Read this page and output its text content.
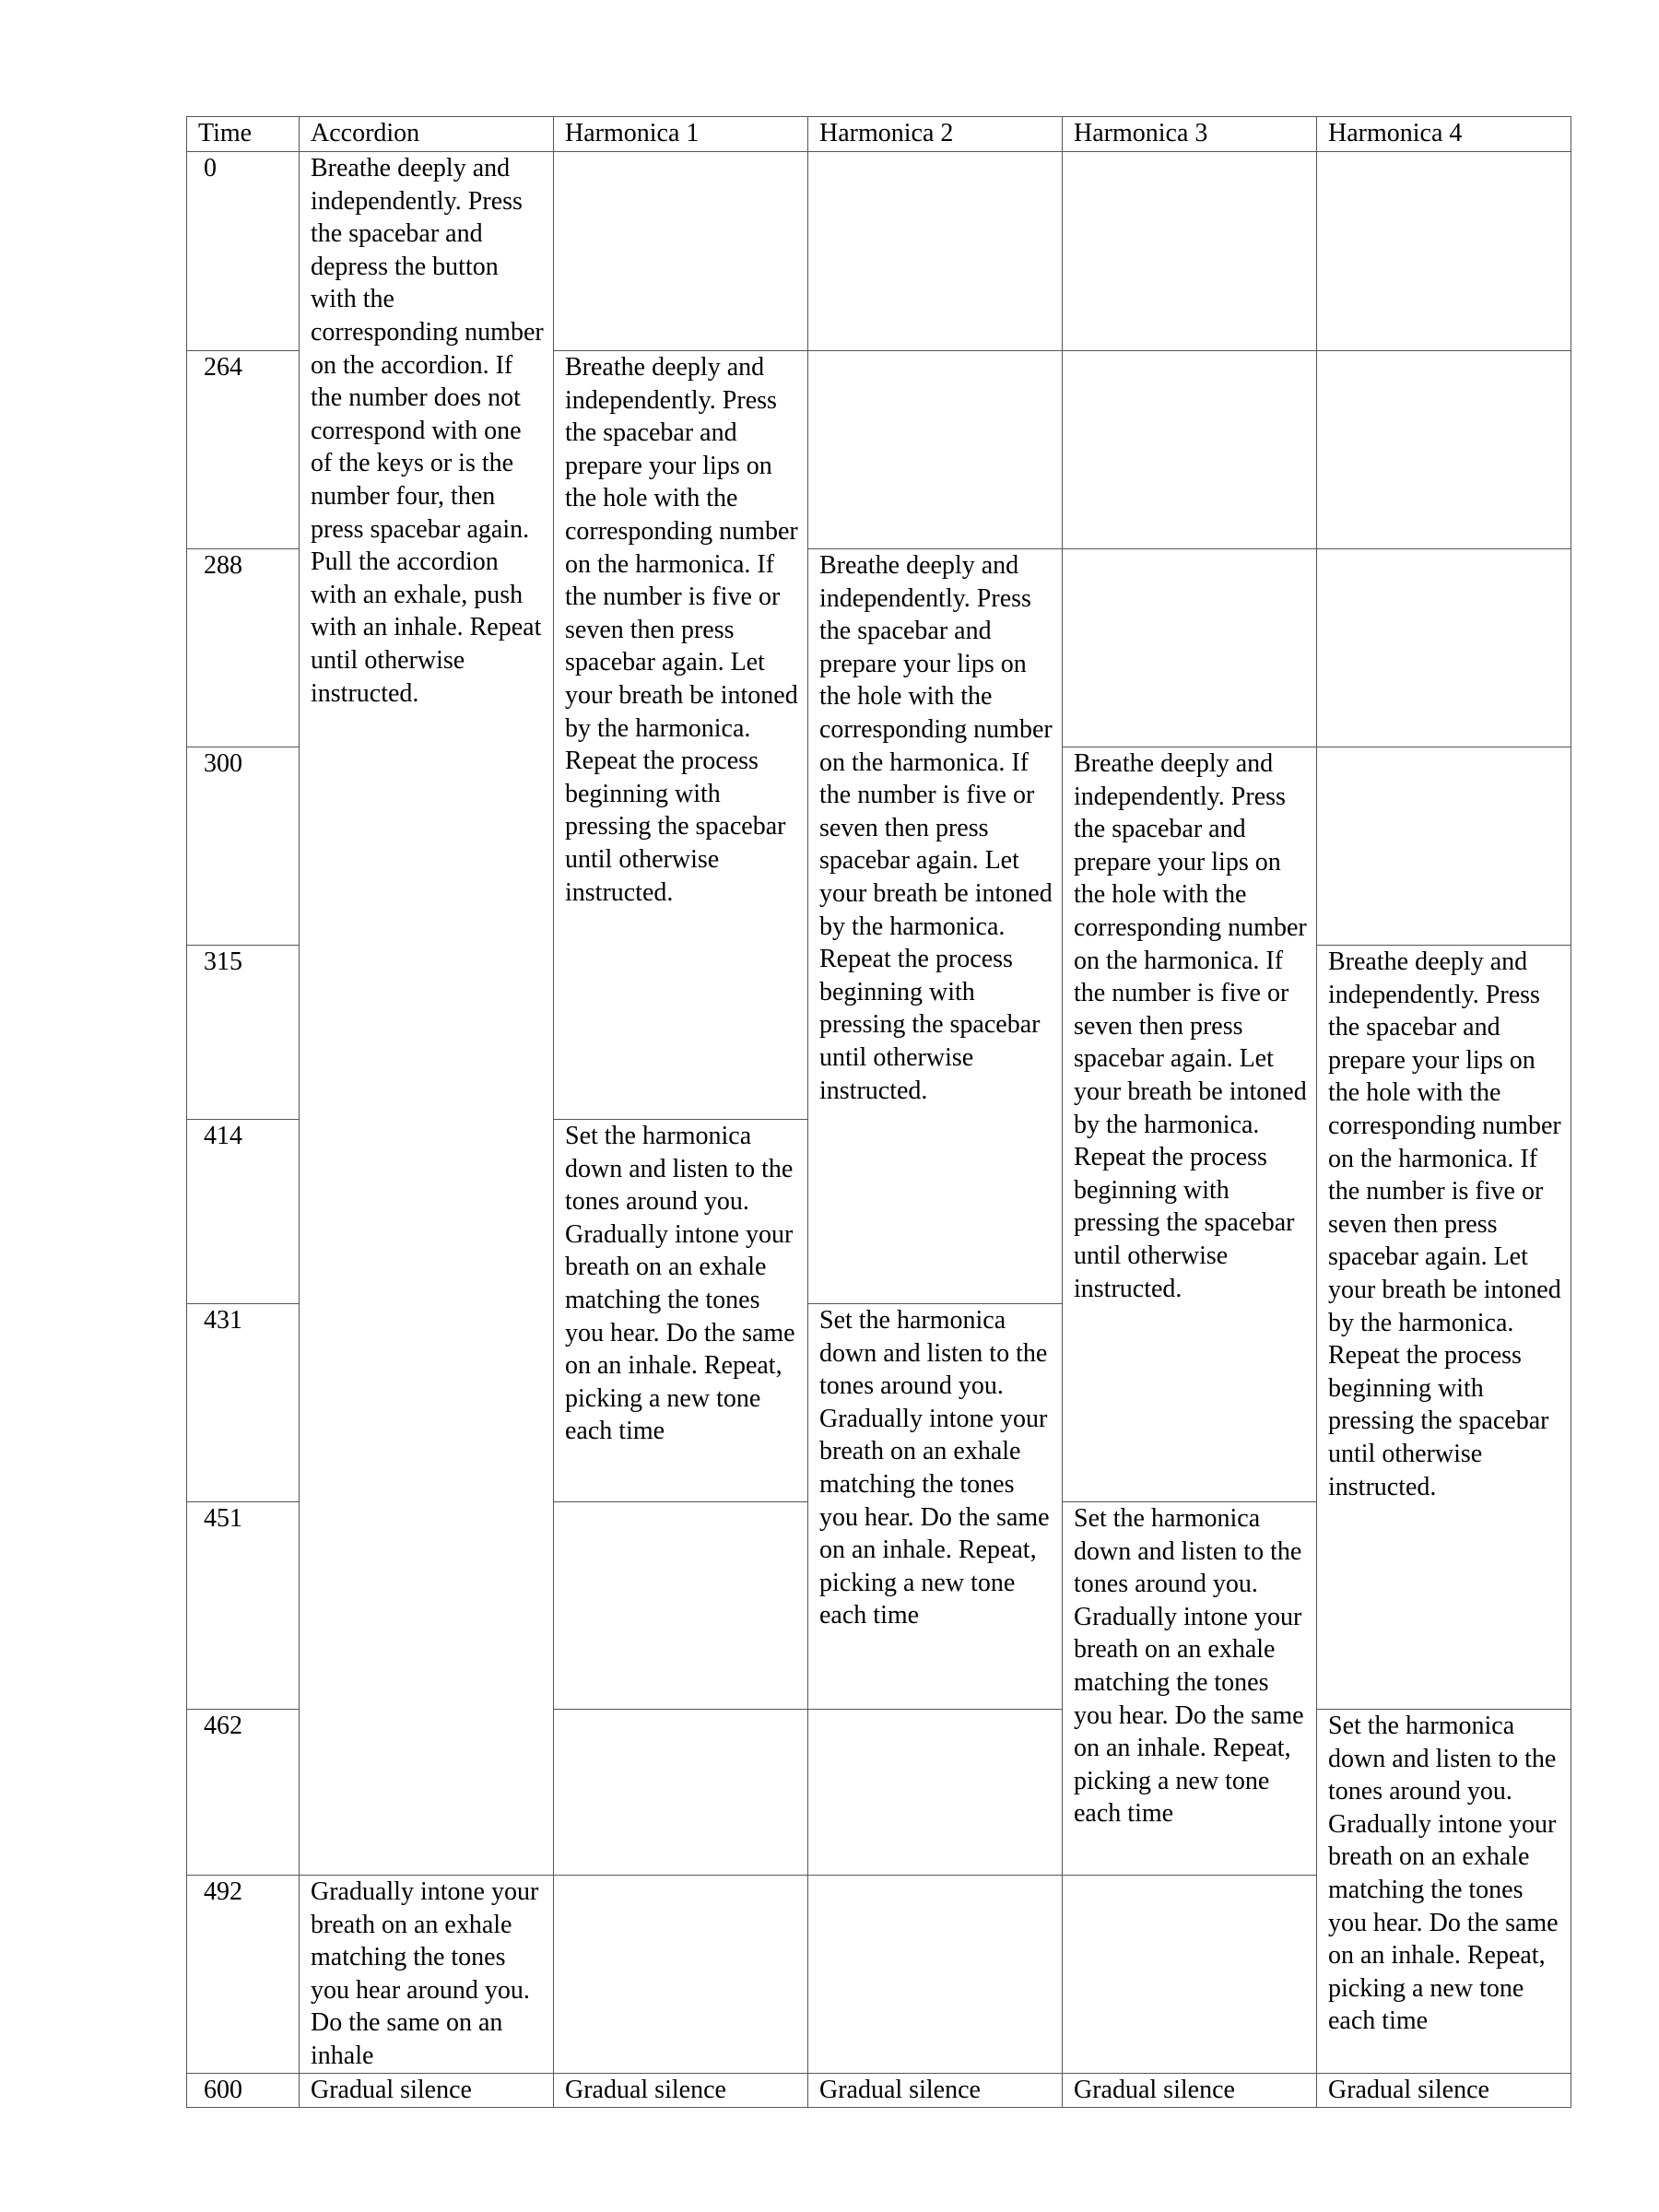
Time	Accordion	Harmonica 1	Harmonica 2	Harmonica 3	Harmonica 4
0	Breathe deeply and independently. Press the spacebar and depress the button with the corresponding number on the accordion. If the number does not correspond with one of the keys or is the number four, then press spacebar again. Pull the accordion with an exhale, push with an inhale. Repeat until otherwise instructed.				
264		Breathe deeply and independently. Press the spacebar and prepare your lips on the hole with the corresponding number on the harmonica. If the number is five or seven then press spacebar again. Let your breath be intoned by the harmonica. Repeat the process beginning with pressing the spacebar until otherwise instructed.			
288			Breathe deeply and independently. Press the spacebar and prepare your lips on the hole with the corresponding number on the harmonica. If the number is five or seven then press spacebar again. Let your breath be intoned by the harmonica. Repeat the process beginning with pressing the spacebar until otherwise instructed.		
300				Breathe deeply and independently. Press the spacebar and prepare your lips on the hole with the corresponding number on the harmonica. If the number is five or seven then press spacebar again. Let your breath be intoned by the harmonica. Repeat the process beginning with pressing the spacebar until otherwise instructed.	
315					Breathe deeply and independently. Press the spacebar and prepare your lips on the hole with the corresponding number on the harmonica. If the number is five or seven then press spacebar again. Let your breath be intoned by the harmonica. Repeat the process beginning with pressing the spacebar until otherwise instructed.
414		Set the harmonica down and listen to the tones around you. Gradually intone your breath on an exhale matching the tones you hear. Do the same on an inhale. Repeat, picking a new tone each time			
431			Set the harmonica down and listen to the tones around you. Gradually intone your breath on an exhale matching the tones you hear. Do the same on an inhale. Repeat, picking a new tone each time		
451				Set the harmonica down and listen to the tones around you. Gradually intone your breath on an exhale matching the tones you hear. Do the same on an inhale. Repeat, picking a new tone each time	
462					Set the harmonica down and listen to the tones around you. Gradually intone your breath on an exhale matching the tones you hear. Do the same on an inhale. Repeat, picking a new tone each time
492	Gradually intone your breath on an exhale matching the tones you hear around you. Do the same on an inhale				
600	Gradual silence	Gradual silence	Gradual silence	Gradual silence	Gradual silence
